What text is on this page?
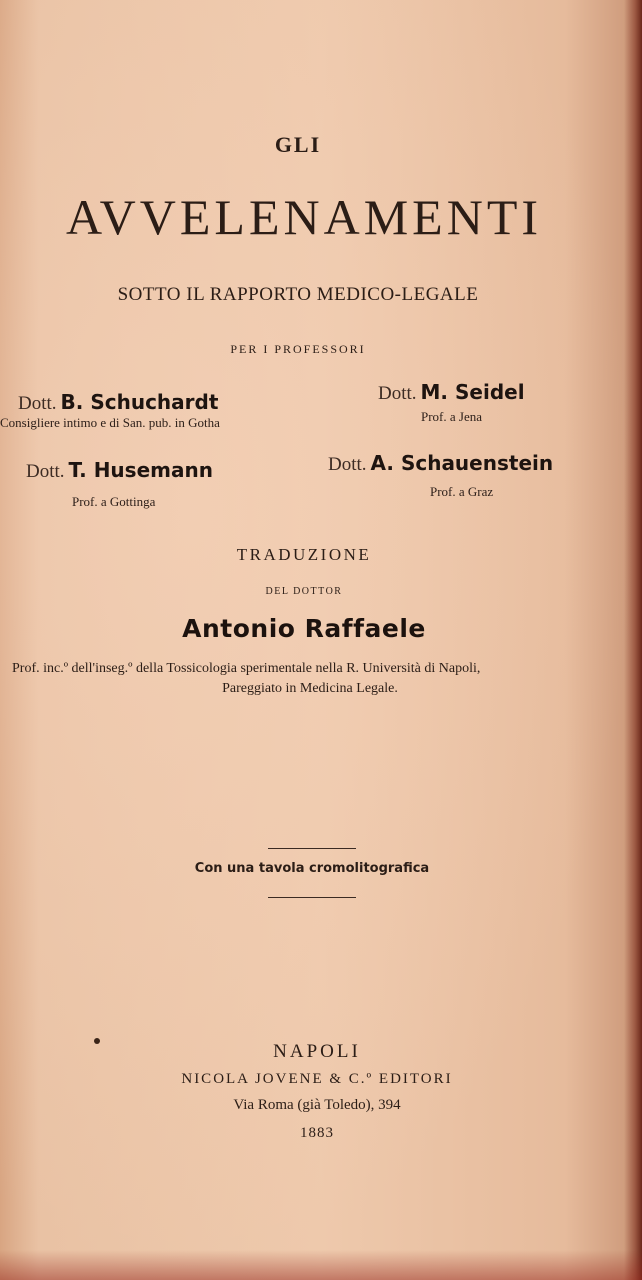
GLI
AVVELENAMENTI
SOTTO IL RAPPORTO MEDICO-LEGALE
PER I PROFESSORI
Dott. B. Schuchardt
Consigliere intimo e di San. pub. in Gotha
Dott. M. Seidel
Prof. a Jena
Dott. T. Husemann
Prof. a Gottinga
Dott. A. Schauenstein
Prof. a Graz
TRADUZIONE
DEL DOTTOR
Antonio Raffaele
Prof. inc.º dell'inseg.º della Tossicologia sperimentale nella R. Università di Napoli,
Pareggiato in Medicina Legale.
Con una tavola cromolitografica
NAPOLI
NICOLA JOVENE & C.º EDITORI
Via Roma (già Toledo), 394
1883
